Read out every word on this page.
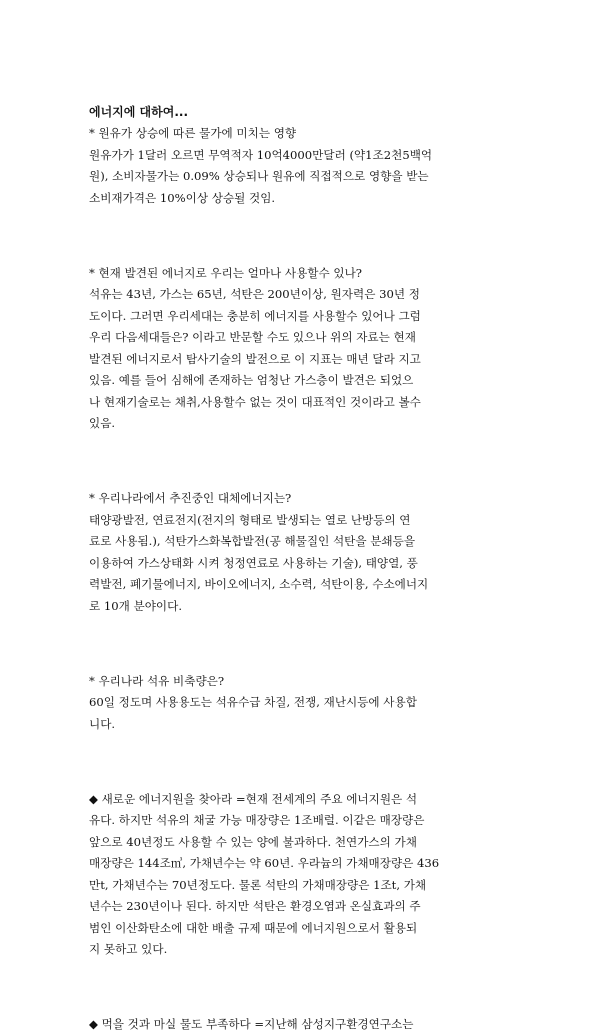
에너지에 대하여...

* 원유가 상승에 따른 물가에 미치는 영향

원유가가 1달러 오르면 무역적자 10억4000만달러 (약1조2천5백억

원), 소비자물가는 0.09% 상승되나 원유에 직접적으로 영향을 받는

소비재가격은 10%이상 상승될 것임.

* 현재 발견된 에너지로 우리는 얼마나 사용할수 있나?

석유는 43년, 가스는 65년, 석탄은 200년이상, 원자력은 30년 정

도이다. 그러면 우리세대는 충분히 에너지를 사용할수 있어나 그럼

우리 다음세대들은? 이라고 반문할 수도 있으나 위의 자료는 현재

발견된 에너지로서 탐사기술의 발전으로 이 지표는 매년 달라 지고

있음. 예를 들어 심해에 존재하는 엄청난 가스층이 발견은 되었으

나 현재기술로는 채취,사용할수 없는 것이 대표적인 것이라고 볼수

있음.

* 우리나라에서 추진중인 대체에너지는?

태양광발전, 연료전지(전지의 형태로 발생되는 열로 난방등의 연

료로 사용됨.), 석탄가스화복합발전(공 해물질인 석탄을 분쇄등을

이용하여 가스상태화 시켜 청정연료로 사용하는 기술), 태양열, 풍

력발전, 폐기물에너지, 바이오에너지, 소수력, 석탄이용, 수소에너지

로 10개 분야이다.

* 우리나라 석유 비축량은?

60일 정도며 사용용도는 석유수급 차질, 전쟁, 재난시등에 사용합

니다.

◆ 새로운 에너지원을 찾아라 =현재 전세계의 주요 에너지원은 석

유다. 하지만 석유의 채굴 가능 매장량은 1조배럴. 이같은 매장량은

앞으로 40년정도 사용할 수 있는 양에 불과하다. 천연가스의 가채

매장량은 144조㎥, 가채년수는 약 60년. 우라늄의 가채매장량은 436

만t, 가채년수는 70년정도다. 물론 석탄의 가채매장량은 1조t, 가채

년수는 230년이나 된다. 하지만 석탄은 환경오염과 온실효과의 주

범인 이산화탄소에 대한 배출 규제 때문에 에너지원으로서 활용되

지 못하고 있다.

◆ 먹을 것과 마실 물도 부족하다 =지난해 삼성지구환경연구소는
